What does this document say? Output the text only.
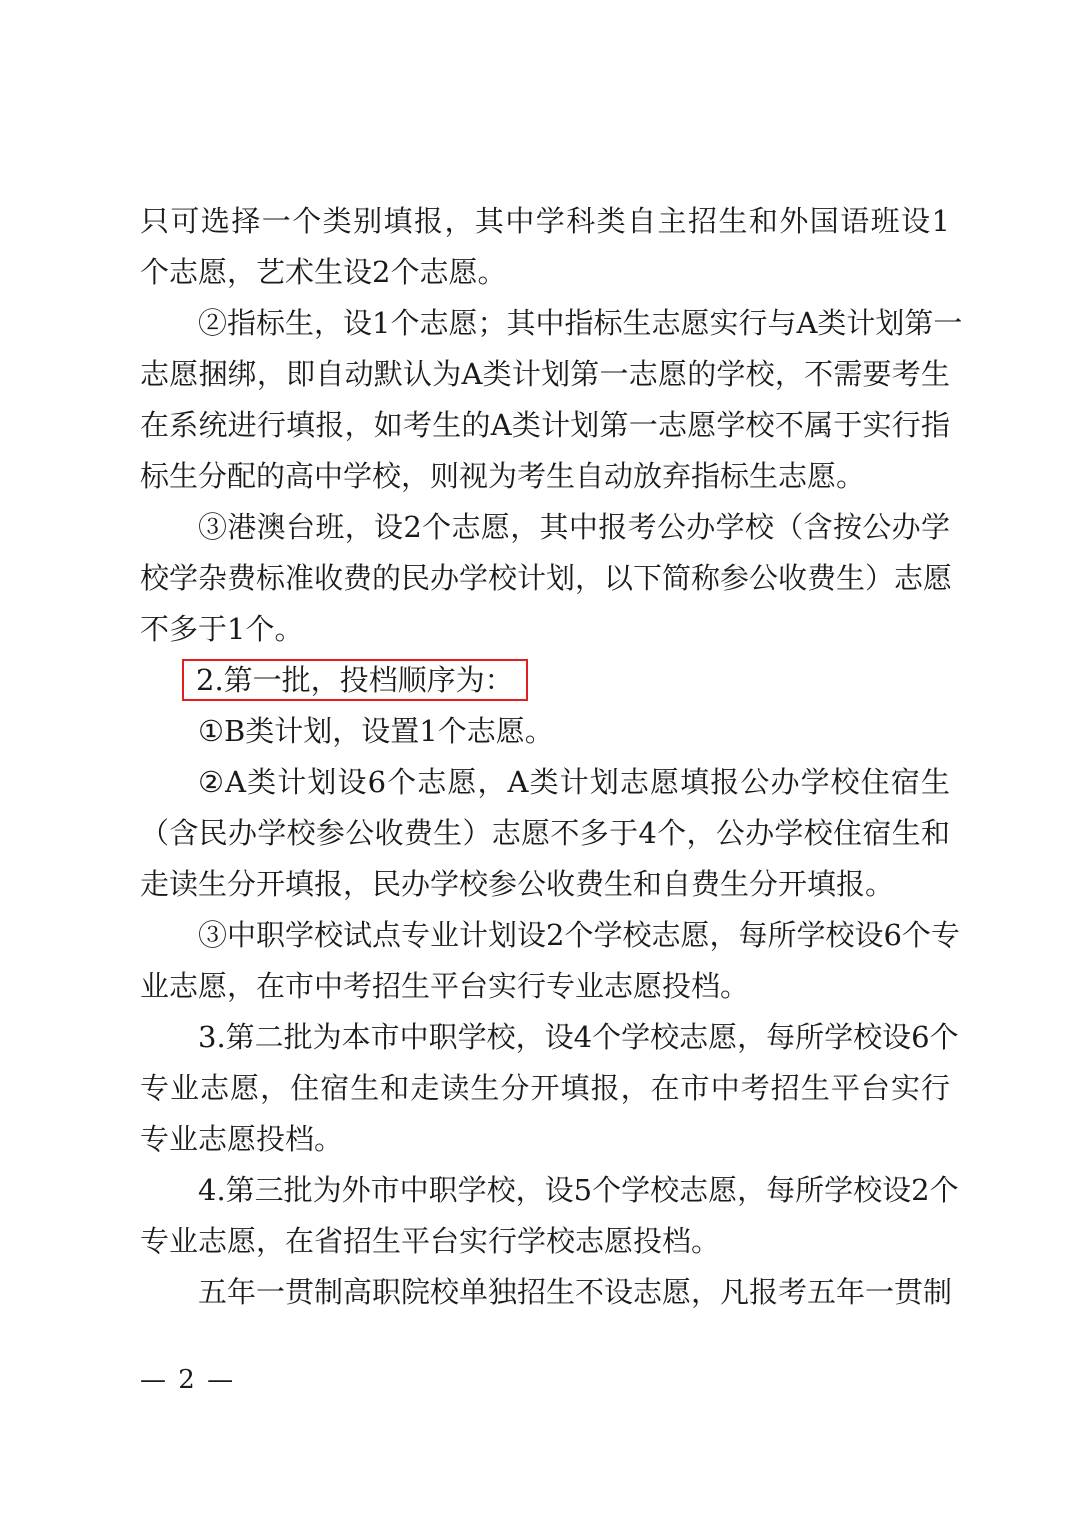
只可选择一个类别填报，其中学科类自主招生和外国语班设1
个志愿，艺术生设2个志愿。
②指标生，设1个志愿；其中指标生志愿实行与A类计划第一
志愿捆绑，即自动默认为A类计划第一志愿的学校，不需要考生
在系统进行填报，如考生的A类计划第一志愿学校不属于实行指
标生分配的高中学校，则视为考生自动放弃指标生志愿。
③港澳台班，设2个志愿，其中报考公办学校（含按公办学
校学杂费标准收费的民办学校计划，以下简称参公收费生）志愿
不多于1个。
2.第一批，投档顺序为：
①B类计划，设置1个志愿。
②A类计划设6个志愿，A类计划志愿填报公办学校住宿生
（含民办学校参公收费生）志愿不多于4个，公办学校住宿生和
走读生分开填报，民办学校参公收费生和自费生分开填报。
③中职学校试点专业计划设2个学校志愿，每所学校设6个专
业志愿，在市中考招生平台实行专业志愿投档。
3.第二批为本市中职学校，设4个学校志愿，每所学校设6个
专业志愿，住宿生和走读生分开填报，在市中考招生平台实行
专业志愿投档。
4.第三批为外市中职学校，设5个学校志愿，每所学校设2个
专业志愿，在省招生平台实行学校志愿投档。
五年一贯制高职院校单独招生不设志愿，凡报考五年一贯制
— 2 —
